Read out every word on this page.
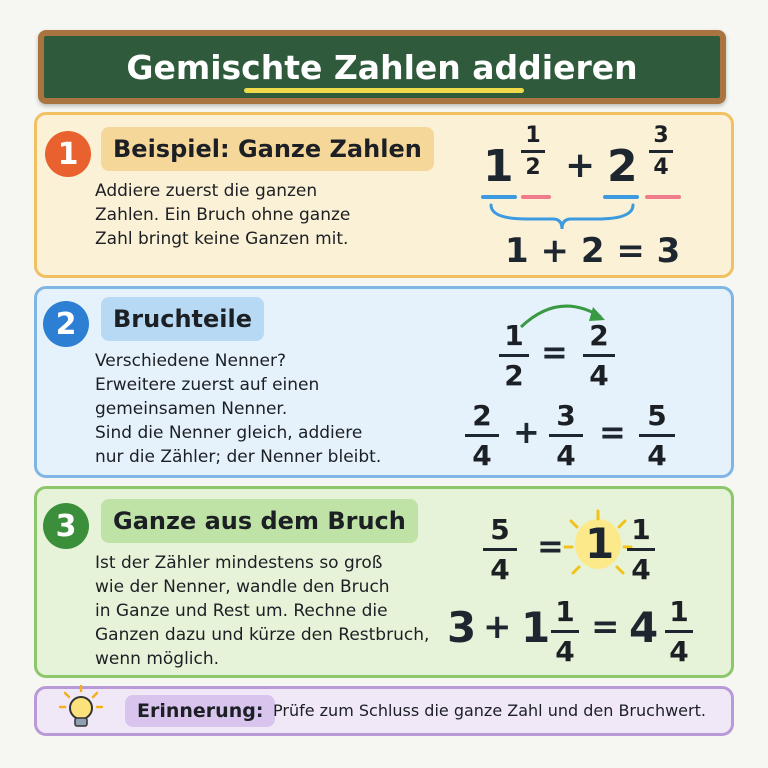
Gemischte Zahlen addieren
1	Beispiel: Ganze Zahlen
Addiere zuerst die ganzen
Zahlen. Ein Bruch ohne ganze
Zahl bringt keine Ganzen mit.
1
1
2 + 2
3
4
1 + 2 = 3
2	Bruchteile
Verschiedene Nenner?
Erweitere zuerst auf einen
gemeinsamen Nenner.
Sind die Nenner gleich, addiere
nur die Zähler; der Nenner bleibt.
1
2
= 2
4
2
4
+ 3
4
= 5
4
3	Ganze aus dem Bruch
Ist der Zähler mindestens so groß
wie der Nenner, wandle den Bruch
in Ganze und Rest um. Rechne die
Ganzen dazu und kürze den Restbruch,
wenn möglich.
5
4
= 1 1
4
3 + 1 1
4
= 4 1
4
Erinnerung: Prüfe zum Schluss die ganze Zahl und den Bruchwert.
